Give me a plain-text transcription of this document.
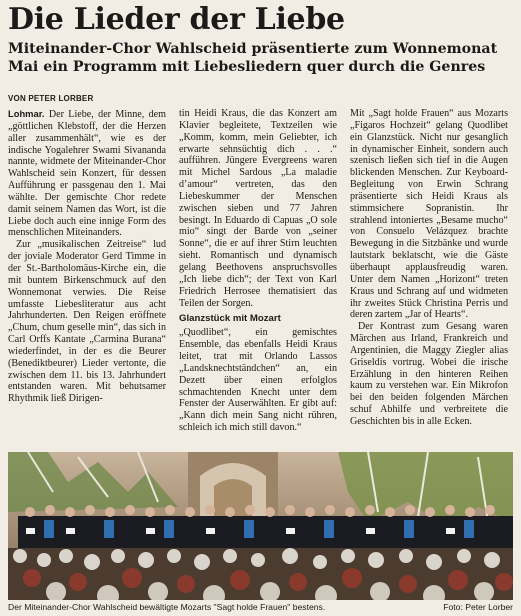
Die Lieder der Liebe
Miteinander-Chor Wahlscheid präsentierte zum Wonnemonat Mai ein Programm mit Liebesliedern quer durch die Genres
VON PETER LORBER

Lohmar. Der Liebe, der Minne, dem „göttlichen Klebstoff, der die Herzen aller zusammenhält“, wie es der indische Yogalehrer Swami Sivananda nannte, widmete der Miteinander-Chor Wahlscheid sein Konzert, für dessen Aufführung er passgenau den 1. Mai wählte. Der gemischte Chor redete damit seinem Namen das Wort, ist die Liebe doch auch eine innige Form des menschlichen Miteinanders.

Zur „musikalischen Zeitreise“ lud der joviale Moderator Gerd Timme in der St.-Bartholomäus-Kirche ein, die mit buntem Birkenschmuck auf den Wonnemonat verwies. Die Reise umfasste Liebesliteratur aus acht Jahrhunderten. Den Reigen eröffnete „Chum, chum geselle min“, das sich in Carl Orffs Kantate „Carmina Burana“ wiederfindet, in der es die Beurer (Benediktbeurer) Lieder vertonte, die zwischen dem 11. bis 13. Jahrhundert entstanden waren. Mit behutsamer Rhythmik ließ Dirigen-

tin Heidi Kraus, die das Konzert am Klavier begleitete, Textzeilen wie „Komm, komm, mein Geliebter, ich erwarte sehnsüchtig dich . . .“ aufführen. Jüngere Evergreens waren mit Michel Sardous „La maladie d’amour“ vertreten, das den Liebeskummer der Menschen zwischen sieben und 77 Jahren besingt. In Eduardo di Capuas „O sole mio“ singt der Barde von „seiner Sonne“, die er auf ihrer Stirn leuchten sieht. Romantisch und dynamisch gelang Beethovens anspruchsvolles „Ich liebe dich“; der Text von Karl Friedrich Herrosee thematisiert das Teilen der Sorgen.

Glanzstück mit Mozart

„Quodlibet“, ein gemischtes Ensemble, das ebenfalls Heidi Kraus leitet, trat mit Orlando Lassos „Landsknechtständchen“ an, ein Dezett über einen erfolglos schmachtenden Knecht unter dem Fenster der Auserwählten. Er gibt auf: „Kann dich mein Sang nicht rühren, schleich ich mich still davon.“

Mit „Sagt holde Frauen“ aus Mozarts „Figaros Hochzeit“ gelang Quodlibet ein Glanzstück. Nicht nur gesanglich in dynamischer Einheit, sondern auch szenisch ließen sich tief in die Augen blickenden Menschen. Zur Keyboard-Begleitung von Erwin Schrang präsentierte sich Heidi Kraus als stimmsichere Sopranistin. Ihr strahlend intoniertes „Besame mucho“ von Consuelo Velázquez brachte Bewegung in die Sitzbänke und wurde lautstark beklatscht, wie die Gäste überhaupt applausfreudig waren. Unter dem Namen „Horizont“ treten Kraus und Schrang auf und widmeten ihr zweites Stück Christina Perris und deren zartem „Jar of Hearts“.

Der Kontrast zum Gesang waren Märchen aus Irland, Frankreich und Argentinien, die Maggy Ziegler alias Griseldis vortrug. Wobei die irische Erzählung in den hinteren Reihen kaum zu verstehen war. Ein Mikrofon bei den beiden folgenden Märchen schuf Abhilfe und verbreitete die Geschichten bis in alle Ecken.

Der Miteinander-Chor Wahlscheid bewältigte Mozarts "Sagt holde Frauen" bestens.	Foto: Peter Lorber
